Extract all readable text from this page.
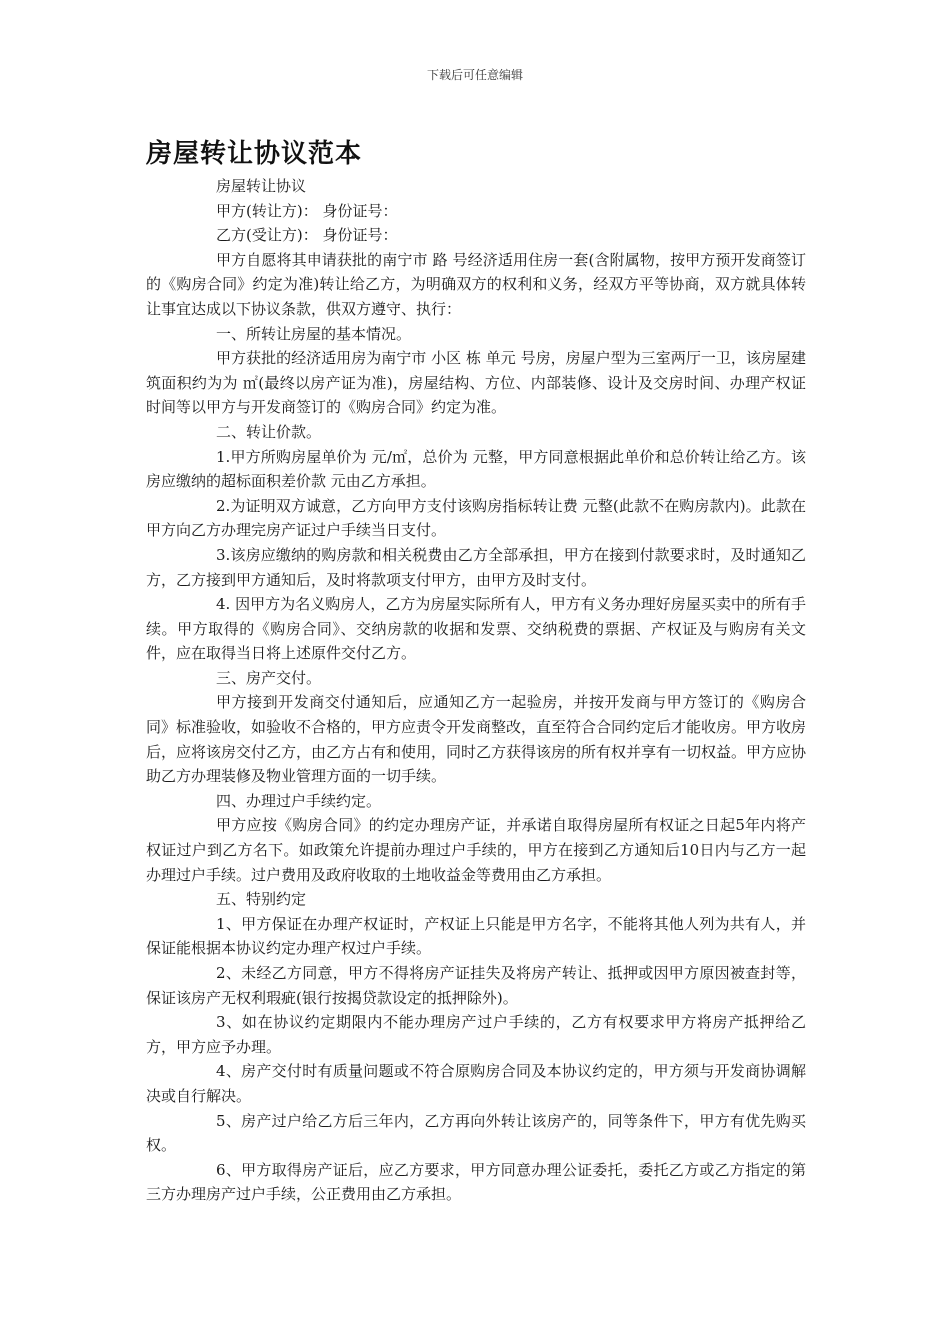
下载后可任意编辑
房屋转让协议范本

房屋转让协议

甲方(转让方)： 身份证号：

乙方(受让方)： 身份证号：

甲方自愿将其申请获批的南宁市 路 号经济适用住房一套(含附属物，按甲方预开发商签订的《购房合同》约定为准)转让给乙方，为明确双方的权利和义务，经双方平等协商，双方就具体转让事宜达成以下协议条款，供双方遵守、执行：

一、所转让房屋的基本情况。

甲方获批的经济适用房为南宁市 小区 栋 单元 号房，房屋户型为三室两厅一卫，该房屋建筑面积约为为 ㎡(最终以房产证为准)，房屋结构、方位、内部装修、设计及交房时间、办理产权证时间等以甲方与开发商签订的《购房合同》约定为准。

二、转让价款。

1.甲方所购房屋单价为 元/㎡，总价为 元整，甲方同意根据此单价和总价转让给乙方。该房应缴纳的超标面积差价款 元由乙方承担。

2.为证明双方诚意，乙方向甲方支付该购房指标转让费 元整(此款不在购房款内)。此款在甲方向乙方办理完房产证过户手续当日支付。

3.该房应缴纳的购房款和相关税费由乙方全部承担，甲方在接到付款要求时，及时通知乙方，乙方接到甲方通知后，及时将款项支付甲方，由甲方及时支付。

4. 因甲方为名义购房人，乙方为房屋实际所有人，甲方有义务办理好房屋买卖中的所有手续。甲方取得的《购房合同》、交纳房款的收据和发票、交纳税费的票据、产权证及与购房有关文件，应在取得当日将上述原件交付乙方。

三、房产交付。

甲方接到开发商交付通知后，应通知乙方一起验房，并按开发商与甲方签订的《购房合同》标准验收，如验收不合格的，甲方应责令开发商整改，直至符合合同约定后才能收房。甲方收房后，应将该房交付乙方，由乙方占有和使用，同时乙方获得该房的所有权并享有一切权益。甲方应协助乙方办理装修及物业管理方面的一切手续。

四、办理过户手续约定。

甲方应按《购房合同》的约定办理房产证，并承诺自取得房屋所有权证之日起5年内将产权证过户到乙方名下。如政策允许提前办理过户手续的，甲方在接到乙方通知后10日内与乙方一起办理过户手续。过户费用及政府收取的土地收益金等费用由乙方承担。

五、特别约定

1、甲方保证在办理产权证时，产权证上只能是甲方名字，不能将其他人列为共有人，并保证能根据本协议约定办理产权过户手续。

2、未经乙方同意，甲方不得将房产证挂失及将房产转让、抵押或因甲方原因被查封等，保证该房产无权利瑕疵(银行按揭贷款设定的抵押除外)。

3、如在协议约定期限内不能办理房产过户手续的，乙方有权要求甲方将房产抵押给乙方，甲方应予办理。

4、房产交付时有质量问题或不符合原购房合同及本协议约定的，甲方须与开发商协调解决或自行解决。

5、房产过户给乙方后三年内，乙方再向外转让该房产的，同等条件下，甲方有优先购买权。

6、甲方取得房产证后，应乙方要求，甲方同意办理公证委托，委托乙方或乙方指定的第三方办理房产过户手续，公正费用由乙方承担。
